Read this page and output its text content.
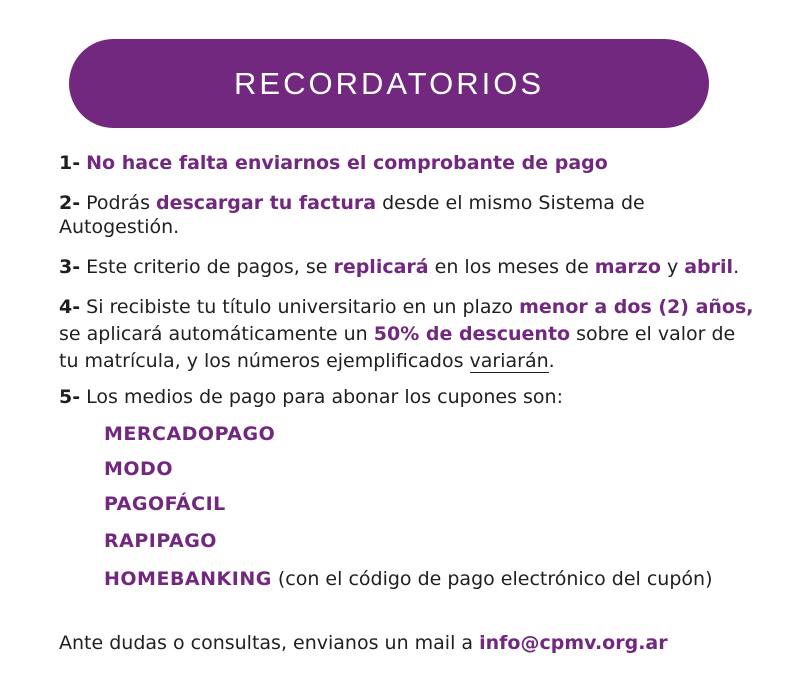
RECORDATORIOS
1- No hace falta enviarnos el comprobante de pago
2- Podrás descargar tu factura desde el mismo Sistema de Autogestión.
3- Este criterio de pagos, se replicará en los meses de marzo y abril.
4- Si recibiste tu título universitario en un plazo menor a dos (2) años, se aplicará automáticamente un 50% de descuento sobre el valor de tu matrícula, y los números ejemplificados variarán.
5- Los medios de pago para abonar los cupones son:
MERCADOPAGO
MODO
PAGOFÁCIL
RAPIPAGO
HOMEBANKING (con el código de pago electrónico del cupón)
Ante dudas o consultas, envianos un mail a info@cpmv.org.ar
